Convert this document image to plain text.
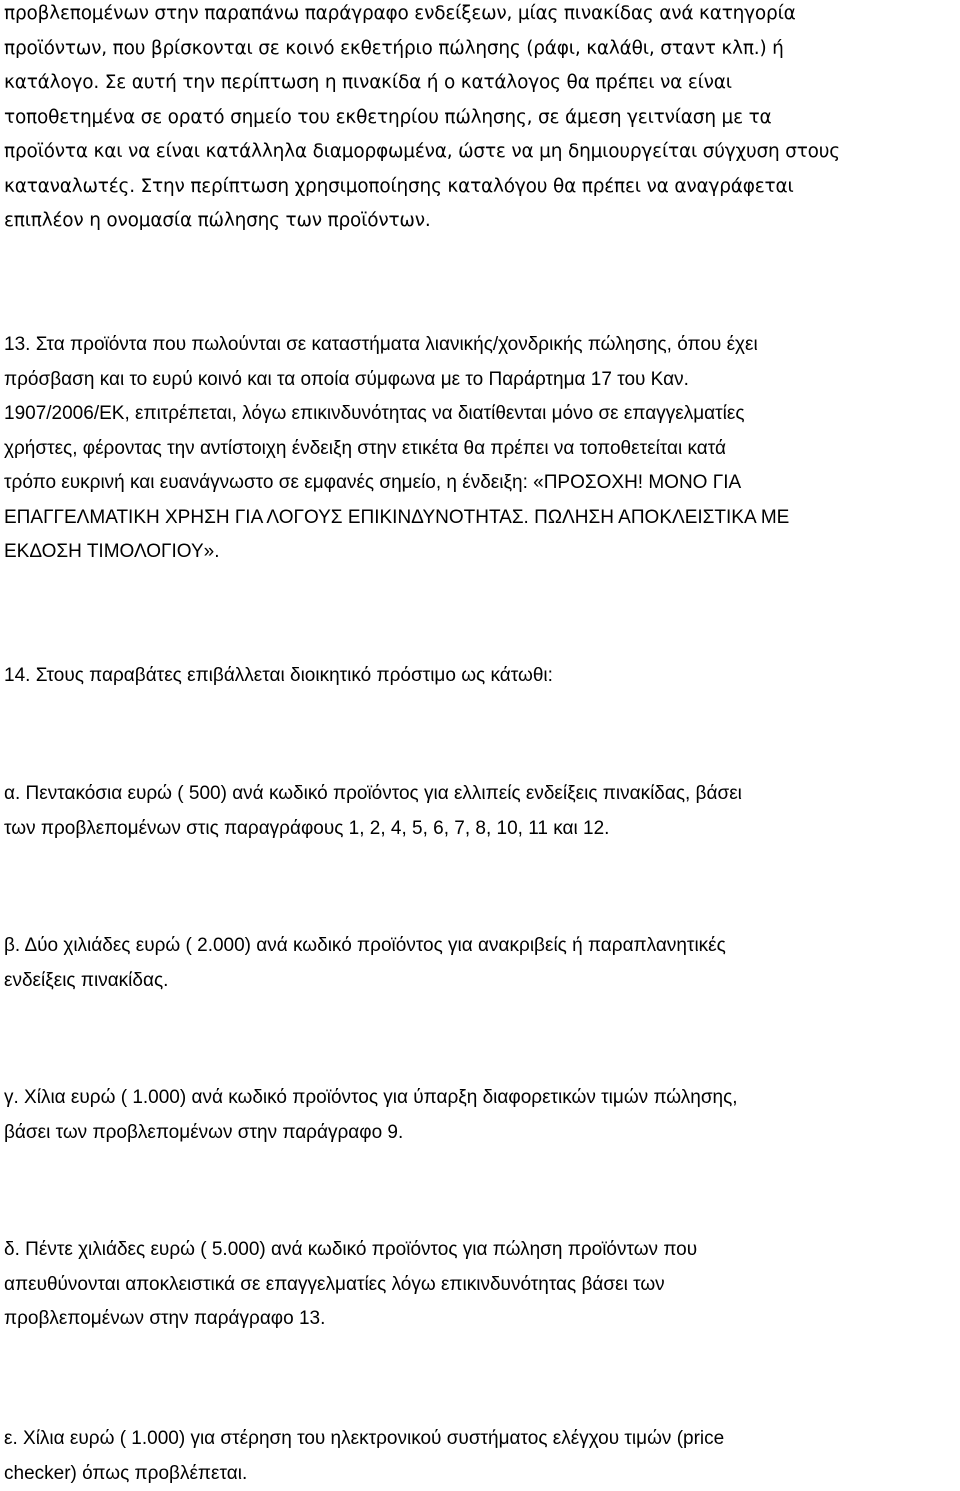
προβλεπομένων στην παραπάνω παράγραφο ενδείξεων, μίας πινακίδας ανά κατηγορία
προϊόντων, που βρίσκονται σε κοινό εκθετήριο πώλησης (ράφι, καλάθι, σταντ κλπ.) ή
κατάλογο. Σε αυτή την περίπτωση η πινακίδα ή ο κατάλογος θα πρέπει να είναι
τοποθετημένα σε ορατό σημείο του εκθετηρίου πώλησης, σε άμεση γειτνίαση με τα
προϊόντα και να είναι κατάλληλα διαμορφωμένα, ώστε να μη δημιουργείται σύγχυση στους
καταναλωτές. Στην περίπτωση χρησιμοποίησης καταλόγου θα πρέπει να αναγράφεται
επιπλέον η ονομασία πώλησης των προϊόντων.
13. Στα προϊόντα που πωλούνται σε καταστήματα λιανικής/χονδρικής πώλησης, όπου έχει
πρόσβαση και το ευρύ κοινό και τα οποία σύμφωνα με το Παράρτημα 17 του Καν.
1907/2006/ΕΚ, επιτρέπεται, λόγω επικινδυνότητας να διατίθενται μόνο σε επαγγελματίες
χρήστες, φέροντας την αντίστοιχη ένδειξη στην ετικέτα θα πρέπει να τοποθετείται κατά
τρόπο ευκρινή και ευανάγνωστο σε εμφανές σημείο, η ένδειξη: «ΠΡΟΣΟΧΗ! ΜΟΝΟ ΓΙΑ
ΕΠΑΓΓΕΛΜΑΤΙΚΗ ΧΡΗΣΗ ΓΙΑ ΛΟΓΟΥΣ ΕΠΙΚΙΝΔΥΝΟΤΗΤΑΣ. ΠΩΛΗΣΗ ΑΠΟΚΛΕΙΣΤΙΚΑ ΜΕ
ΕΚΔΟΣΗ ΤΙΜΟΛΟΓΙΟΥ».
14. Στους παραβάτες επιβάλλεται διοικητικό πρόστιμο ως κάτωθι:
α. Πεντακόσια ευρώ ( 500) ανά κωδικό προϊόντος για ελλιπείς ενδείξεις πινακίδας, βάσει
των προβλεπομένων στις παραγράφους 1, 2, 4, 5, 6, 7, 8, 10, 11 και 12.
β. Δύο χιλιάδες ευρώ ( 2.000) ανά κωδικό προϊόντος για ανακριβείς ή παραπλανητικές
ενδείξεις πινακίδας.
γ. Χίλια ευρώ ( 1.000) ανά κωδικό προϊόντος για ύπαρξη διαφορετικών τιμών πώλησης,
βάσει των προβλεπομένων στην παράγραφο 9.
δ. Πέντε χιλιάδες ευρώ ( 5.000) ανά κωδικό προϊόντος για πώληση προϊόντων που
απευθύνονται αποκλειστικά σε επαγγελματίες λόγω επικινδυνότητας βάσει των
προβλεπομένων στην παράγραφο 13.
ε. Χίλια ευρώ ( 1.000) για στέρηση του ηλεκτρονικού συστήματος ελέγχου τιμών (price
checker) όπως προβλέπεται.
